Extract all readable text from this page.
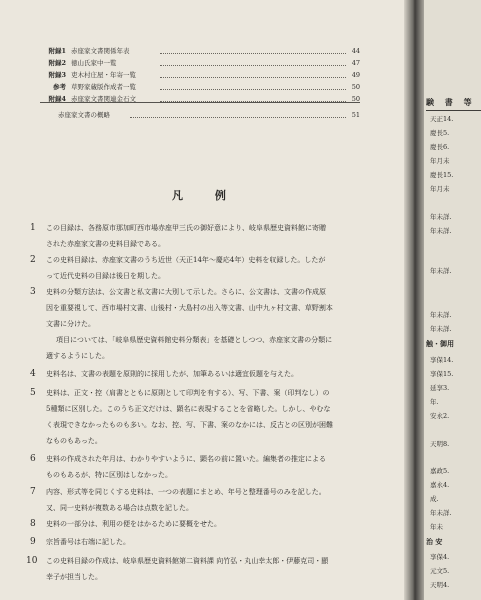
附録1 赤座家文書関係年表	44
附録2 徳山氏家中一覧	47
附録3 吏木村庄屋・年寄一覧	49
参考 草野家蔵版作成者一覧	50
附録4 赤座家文書関連金石文	50
赤座家文書の概略	51
凡 例
1	この目録は、各務原市那加町西市場赤座甲三氏の御好意により、岐阜県歴史資料館に寄贈
された赤座家文書の史料目録である。
2	この史料目録は、赤座家文書のうち近世（天正14年～慶応4年）史料を収録した。したが
って近代史料の目録は後日を期した。
3	史料の分類方法は、公文書と私文書に大別して示した。さらに、公文書は、文書の作成原
因を重要視して、西市場村文書、山後村・大島村の出入等文書、山中九ヶ村文書、草野割本
文書に分けた。
項目については、「岐阜県歴史資料館史料分類表」を基礎としつつ、赤座家文書の分類に
適するようにした。
4	史料名は、文書の表題を原則的に採用したが、加筆あるいは適宜仮題を与えた。
5	史料は、正文・控（肩書とともに原則として印判を有する）、写、下書、案（印判なし）の
5種類に区別した。このうち正文だけは、顕名に表現することを省略した。しかし、やむな
く表現できなかったものも多い。なお、控、写、下書、案のなかには、反古との区別が困難
なものもあった。
6	史料の作成された年月は、わかりやすいように、顕名の前に置いた。編集者の推定による
ものもあるが、特に区別はしなかった。
7	内容、形式等を同じくする史料は、一つの表題にまとめ、年号と整理番号のみを記した。
又、同一史料が複数ある場合は点数を記した。
8	史料の一部分は、利用の便をはかるために要概をせた。
9	宗旨番号は右端に記した。
10 この史料目録の作成は、岐阜県歴史資料館第二資料課 向竹弘・丸山幸太郎・伊藤克司・顯
幸子が担当した。
験 書 等
天正14.
慶長5.
慶長6.
年月未
慶長15.
年月未
年未詳.
年未詳.
年未詳.
年未詳.
年未詳.
触・御用
享保14.
享保15.
延享3.
年.
安永2.
天明8.
嘉政5.
嘉永4.
成.
年未詳.
年未
治 安
享保4.
元文5.
天明4.
